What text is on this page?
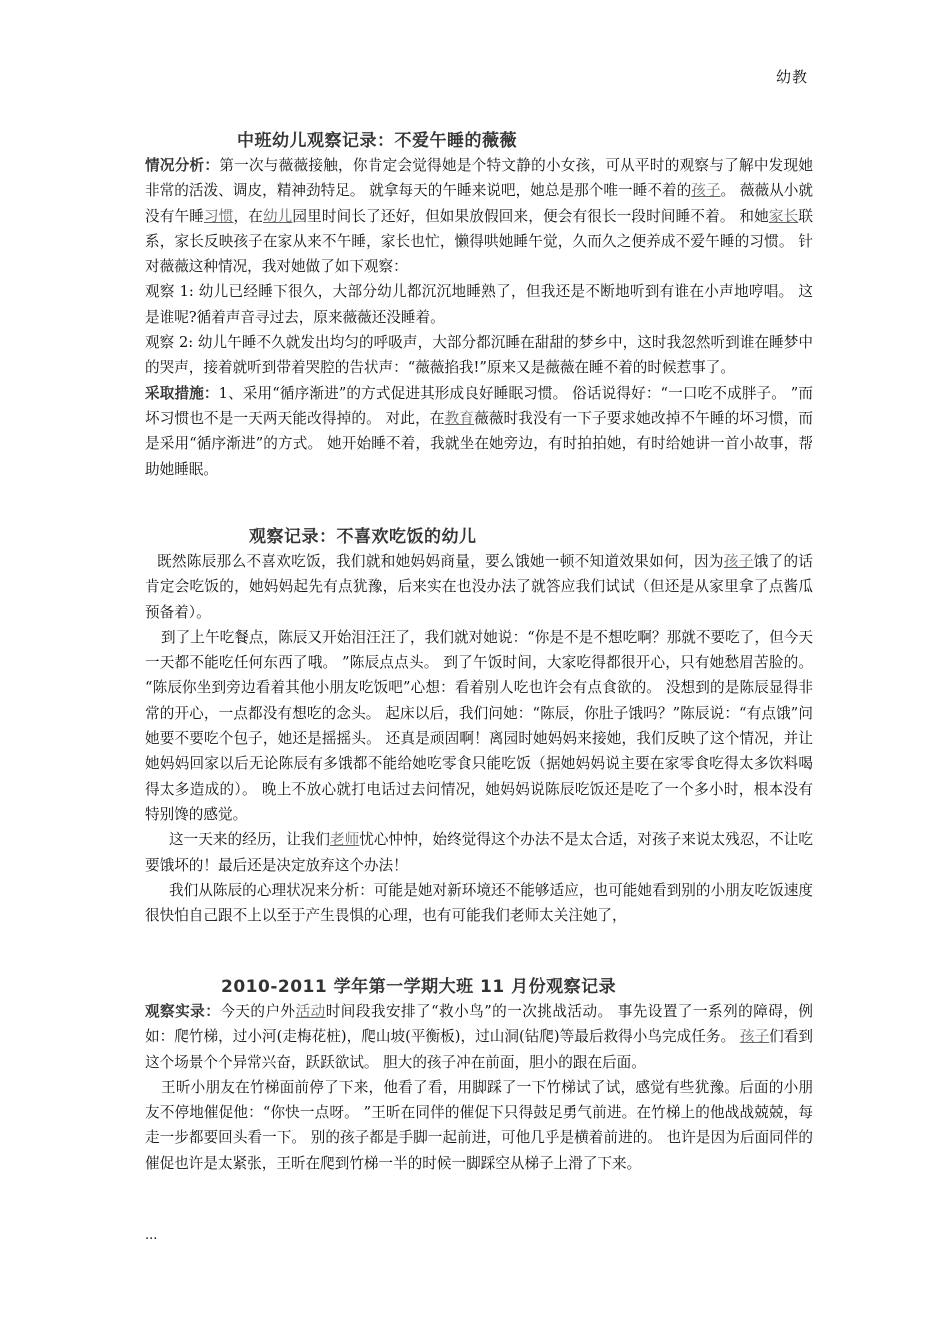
幼教
中班幼儿观察记录：不爱午睡的薇薇

情况分析：第一次与薇薇接触，你肯定会觉得她是个特文静的小女孩，可从平时的观察与了解中发现她非常的活泼、调皮，精神劲特足。 就拿每天的午睡来说吧，她总是那个唯一睡不着的孩子。 薇薇从小就没有午睡习惯，在幼儿园里时间长了还好，但如果放假回来，便会有很长一段时间睡不着。 和她家长联系，家长反映孩子在家从来不午睡，家长也忙，懒得哄她睡午觉，久而久之便养成不爱午睡的习惯。 针对薇薇这种情况，我对她做了如下观察：

观察 1: 幼儿已经睡下很久，大部分幼儿都沉沉地睡熟了，但我还是不断地听到有谁在小声地哼唱。 这是谁呢?循着声音寻过去，原来薇薇还没睡着。

观察 2: 幼儿午睡不久就发出均匀的呼吸声，大部分都沉睡在甜甜的梦乡中，这时我忽然听到谁在睡梦中的哭声，接着就听到带着哭腔的告状声：“薇薇掐我!”原来又是薇薇在睡不着的时候惹事了。

采取措施：1、采用“循序渐进”的方式促进其形成良好睡眠习惯。 俗话说得好：“一口吃不成胖子。 ”而坏习惯也不是一天两天能改得掉的。 对此，在教育薇薇时我没有一下子要求她改掉不午睡的坏习惯，而是采用“循序渐进”的方式。 她开始睡不着，我就坐在她旁边，有时拍拍她，有时给她讲一首小故事，帮助她睡眠。

观察记录：不喜欢吃饭的幼儿

既然陈辰那么不喜欢吃饭，我们就和她妈妈商量，要么饿她一顿不知道效果如何，因为孩子饿了的话肯定会吃饭的，她妈妈起先有点犹豫，后来实在也没办法了就答应我们试试（但还是从家里拿了点酱瓜预备着）。

到了上午吃餐点，陈辰又开始泪汪汪了，我们就对她说：“你是不是不想吃啊？那就不要吃了，但今天一天都不能吃任何东西了哦。 ”陈辰点点头。 到了午饭时间，大家吃得都很开心，只有她愁眉苦脸的。 “陈辰你坐到旁边看着其他小朋友吃饭吧”心想：看着别人吃也许会有点食欲的。 没想到的是陈辰显得非常的开心，一点都没有想吃的念头。 起床以后，我们问她：“陈辰，你肚子饿吗？”陈辰说：“有点饿”问她要不要吃个包子，她还是摇摇头。 还真是顽固啊！离园时她妈妈来接她，我们反映了这个情况，并让她妈妈回家以后无论陈辰有多饿都不能给她吃零食只能吃饭（据她妈妈说主要在家零食吃得太多饮料喝得太多造成的）。 晚上不放心就打电话过去问情况，她妈妈说陈辰吃饭还是吃了一个多小时，根本没有特别馋的感觉。

这一天来的经历，让我们老师忧心忡忡，始终觉得这个办法不是太合适，对孩子来说太残忍，不让吃要饿坏的！最后还是决定放弃这个办法！

我们从陈辰的心理状况来分析：可能是她对新环境还不能够适应，也可能她看到别的小朋友吃饭速度很快怕自己跟不上以至于产生畏惧的心理，也有可能我们老师太关注她了，

2010-2011 学年第一学期大班 11 月份观察记录

观察实录：今天的户外活动时间段我安排了“救小鸟”的一次挑战活动。 事先设置了一系列的障碍，例如：爬竹梯，过小河(走梅花桩)，爬山坡(平衡板)，过山洞(钻爬)等最后救得小鸟完成任务。 孩子们看到这个场景个个异常兴奋，跃跃欲试。 胆大的孩子冲在前面，胆小的跟在后面。

王昕小朋友在竹梯面前停了下来，他看了看，用脚踩了一下竹梯试了试，感觉有些犹豫。后面的小朋友不停地催促他：“你快一点呀。 ”王昕在同伴的催促下只得鼓足勇气前进。在竹梯上的他战战兢兢，每走一步都要回头看一下。 别的孩子都是手脚一起前进，可他几乎是横着前进的。 也许是因为后面同伴的催促也许是太紧张，王昕在爬到竹梯一半的时候一脚踩空从梯子上滑了下来。

...
